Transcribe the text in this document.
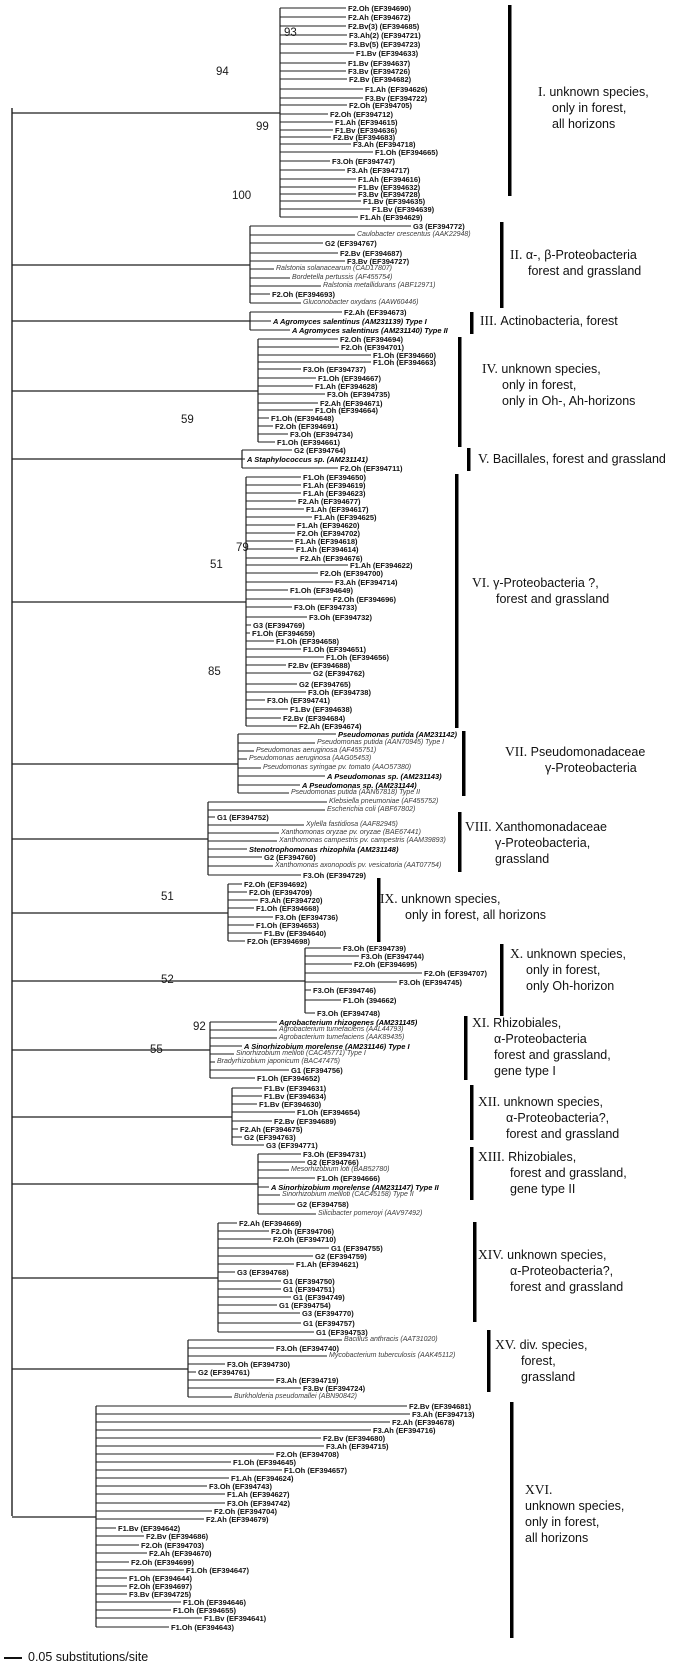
F2.Oh (EF394690)
F2.Ah (EF394672)
F2.Bv(3) (EF394685)
F3.Ah(2) (EF394721)
F3.Bv(5) (EF394723)
F1.Bv (EF394633)
F1.Bv (EF394637)
F3.Bv (EF394726)
F2.Bv (EF394682)
F1.Ah (EF394626)
F3.Bv (EF394722)
F2.Oh (EF394705)
F2.Oh (EF394712)
F1.Ah (EF394615)
F1.Bv (EF394636)
F2.Bv (EF394683)
F3.Ah (EF394718)
F1.Oh (EF394665)
F3.Oh (EF394747)
F3.Ah (EF394717)
F1.Ah (EF394616)
F1.Bv (EF394632)
F3.Bv (EF394728)
F1.Bv (EF394635)
F1.Bv (EF394639)
F1.Ah (EF394629)
G3 (EF394772)
Caulobacter crescentus (AAK22948)
G2 (EF394767)
F2.Bv (EF394687)
F3.Bv (EF394727)
Ralstonia solanacearum (CAD17807)
Bordetella pertussis (AF455754)
Ralstonia metallidurans (ABF12971)
F2.Oh (EF394693)
Gluconobacter oxydans (AAW60446)
F2.Ah (EF394673)
A Agromyces salentinus (AM231139) Type I
A Agromyces salentinus (AM231140) Type II
F2.Oh (EF394694)
F2.Oh (EF394701)
F1.Oh (EF394660)
F1.Oh (EF394663)
F3.Oh (EF394737)
F1.Oh (EF394667)
F1.Ah (EF394628)
F3.Oh (EF394735)
F2.Ah (EF394671)
F1.Oh (EF394664)
F1.Oh (EF394648)
F2.Oh (EF394691)
F3.Oh (EF394734)
F1.Oh (EF394661)
G2 (EF394764)
A Staphylococcus sp. (AM231141)
F2.Oh (EF394711)
F1.Oh (EF394650)
F1.Ah (EF394619)
F1.Ah (EF394623)
F2.Ah (EF394677)
F1.Ah (EF394617)
F1.Ah (EF394625)
F1.Ah (EF394620)
F2.Oh (EF394702)
F1.Ah (EF394618)
F1.Ah (EF394614)
F2.Ah (EF394676)
F1.Ah (EF394622)
F2.Oh (EF394700)
F3.Ah (EF394714)
F1.Oh (EF394649)
F2.Oh (EF394696)
F3.Oh (EF394733)
F3.Oh (EF394732)
G3 (EF394769)
F1.Oh (EF394659)
F1.Oh (EF394658)
F1.Oh (EF394651)
F1.Oh (EF394656)
F2.Bv (EF394688)
G2 (EF394762)
G2 (EF394765)
F3.Oh (EF394738)
F3.Oh (EF394741)
F1.Bv (EF394638)
F2.Bv (EF394684)
F2.Ah (EF394674)
Pseudomonas putida (AM231142)
Pseudomonas putida (AAN70945) Type I
Pseudomonas aeruginosa (AF455751)
Pseudomonas aeruginosa (AAG05453)
Pseudomonas syringae pv. tomato (AAO57380)
A Pseudomonas sp. (AM231143)
A Pseudomonas sp. (AM231144)
Pseudomonas putida (AAN67818) Type II
Klebsiella pneumoniae (AF455752)
Escherichia coli (ABF67802)
G1 (EF394752)
Xylella fastidiosa (AAF82945)
Xanthomonas oryzae pv. oryzae (BAE67441)
Xanthomonas campestris pv. campestris (AAM39893)
Stenotrophomonas rhizophila (AM231148)
G2 (EF394760)
Xanthomonas axonopodis pv. vesicatoria (AAT07754)
F3.Oh (EF394729)
F2.Oh (EF394692)
F2.Oh (EF394709)
F3.Ah (EF394720)
F1.Oh (EF394668)
F3.Oh (EF394736)
F1.Oh (EF394653)
F1.Bv (EF394640)
F2.Oh (EF394698)
F3.Oh (EF394739)
F3.Oh (EF394744)
F2.Oh (EF394695)
F2.Oh (EF394707)
F3.Oh (EF394745)
F3.Oh (EF394746)
F1.Oh (394662)
F3.Oh (EF394748)
Agrobacterium rhizogenes (AM231145)
Agrobacterium tumefaciens (AAL44793)
Agrobacterium tumefaciens (AAK89435)
A Sinorhizobium morelense (AM231146) Type I
Sinorhizobium meliloti (CAC45771) Type I
Bradyrhizobium japonicum (BAC47475)
G1 (EF394756)
F1.Oh (EF394652)
F1.Bv (EF394631)
F1.Bv (EF394634)
F1.Bv (EF394630)
F1.Oh (EF394654)
F2.Bv (EF394689)
F2.Ah (EF394675)
G2 (EF394763)
G3 (EF394771)
F3.Oh (EF394731)
G2 (EF394766)
Mesorhizobium loti (BAB52780)
F1.Oh (EF394666)
A Sinorhizobium morelense (AM231147) Type II
Sinorhizobium meliloti (CAC45158) Type II
G2 (EF394758)
Silicibacter pomeroyi (AAV97492)
F2.Ah (EF394669)
F2.Oh (EF394706)
F2.Oh (EF394710)
G1 (EF394755)
G2 (EF394759)
F1.Ah (EF394621)
G3 (EF394768)
G1 (EF394750)
G1 (EF394751)
G1 (EF394749)
G1 (EF394754)
G3 (EF394770)
G1 (EF394757)
G1 (EF394753)
Bacillus anthracis (AAT31020)
F3.Oh (EF394740)
Mycobacterium tuberculosis (AAK45112)
F3.Oh (EF394730)
G2 (EF394761)
F3.Ah (EF394719)
F3.Bv (EF394724)
Burkholderia pseudomallei (ABN90842)
F2.Bv (EF394681)
F3.Ah (EF394713)
F2.Ah (EF394678)
F3.Ah (EF394716)
F2.Bv (EF394680)
F3.Ah (EF394715)
F2.Oh (EF394708)
F1.Oh (EF394645)
F1.Oh (EF394657)
F1.Ah (EF394624)
F3.Oh (EF394743)
F1.Ah (EF394627)
F3.Oh (EF394742)
F2.Oh (EF394704)
F2.Ah (EF394679)
F1.Bv (EF394642)
F2.Bv (EF394686)
F2.Oh (EF394703)
F2.Ah (EF394670)
F2.Oh (EF394699)
F1.Oh (EF394647)
F1.Oh (EF394644)
F2.Oh (EF394697)
F3.Bv (EF394725)
F1.Oh (EF394646)
F1.Oh (EF394655)
F1.Bv (EF394641)
F1.Oh (EF394643)
I. unknown species,
only in forest,
all horizons
II. α-, β-Proteobacteria
forest and grassland
III. Actinobacteria, forest
IV. unknown species,
only in forest,
only in Oh-, Ah-horizons
V. Bacillales, forest and grassland
VI. γ-Proteobacteria ?,
forest and grassland
VII. Pseudomonadaceae
γ-Proteobacteria
VIII. Xanthomonadaceae
γ-Proteobacteria,
grassland
IX. unknown species,
only in forest, all horizons
X. unknown species,
only in forest,
only Oh-horizon
XI. Rhizobiales,
α-Proteobacteria
forest and grassland,
gene type I
XII. unknown species,
α-Proteobacteria?,
forest and grassland
XIII. Rhizobiales,
forest and grassland,
gene type II
XIV. unknown species,
α-Proteobacteria?,
forest and grassland
XV. div. species,
forest,
grassland
XVI.
unknown species,
only in forest,
all horizons
93
94
99
100
59
79
51
85
51
52
92
55
0.05 substitutions/site
